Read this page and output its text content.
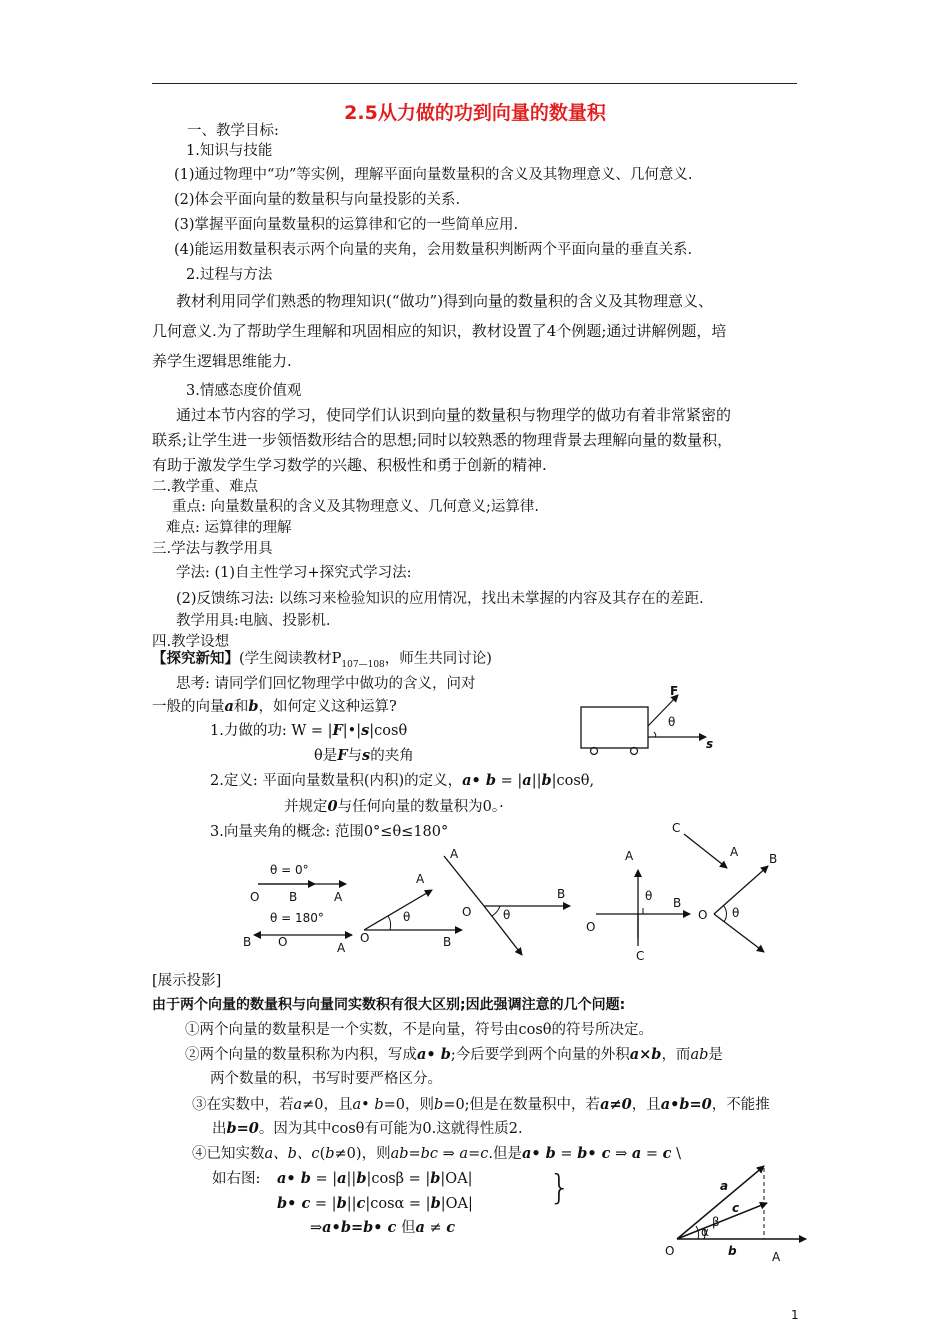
2.5从力做的功到向量的数量积
一、教学目标:
1.知识与技能
(1)通过物理中“功”等实例，理解平面向量数量积的含义及其物理意义、几何意义.
(2)体会平面向量的数量积与向量投影的关系.
(3)掌握平面向量数量积的运算律和它的一些简单应用.
(4)能运用数量积表示两个向量的夹角，会用数量积判断两个平面向量的垂直关系.
2.过程与方法
教材利用同学们熟悉的物理知识(“做功”)得到向量的数量积的含义及其物理意义、
几何意义.为了帮助学生理解和巩固相应的知识，教材设置了4个例题;通过讲解例题，培
养学生逻辑思维能力.
3.情感态度价值观
通过本节内容的学习，使同学们认识到向量的数量积与物理学的做功有着非常紧密的
联系;让学生进一步领悟数形结合的思想;同时以较熟悉的物理背景去理解向量的数量积，
有助于激发学生学习数学的兴趣、积极性和勇于创新的精神.
二.教学重、难点
重点: 向量数量积的含义及其物理意义、几何意义;运算律.
难点: 运算律的理解
三.学法与教学用具
学法: (1)自主性学习+探究式学习法:
(2)反馈练习法: 以练习来检验知识的应用情况，找出未掌握的内容及其存在的差距.
教学用具:电脑、投影机.
四.教学设想
【探究新知】(学生阅读教材$P_{107—108}$，师生共同讨论)
思考: 请同学们回忆物理学中做功的含义，问对
一般的向量a和b，如何定义这种运算?
1.力做的功: W = |F|•|s|cosθ
θ是F与s的夹角
2.定义: 平面向量数量积(内积)的定义，a• b = |a||b|cosθ,
并规定0与任何向量的数量积为0。·
3.向量夹角的概念: 范围0°≤θ≤180°
F
θ
s
θ = 0°
O B	A
θ = 180°
B O	A
A
θ
O	B
A
B
O	θ
A
θ B
O
C
C
A	B
O θ
[展示投影]
由于两个向量的数量积与向量同实数积有很大区别;因此强调注意的几个问题:
①两个向量的数量积是一个实数，不是向量，符号由cosθ的符号所决定。
②两个向量的数量积称为内积，写成a• b;今后要学到两个向量的外积a×b，而ab是
两个数量的积，书写时要严格区分。
③在实数中，若a≠0，且a• b=0，则b=0;但是在数量积中，若a≠0，且a•b=0，不能推
出b=0。因为其中cosθ有可能为0.这就得性质2.
④已知实数a、b、c(b≠0)，则ab=bc ⇒ a=c.但是a• b = b• c ⇒ a = c \
如右图: a• b = |a||b|cosβ = |b|OA|
b• c = |b||c|cosα = |b|OA| }
⇒a•b=b• c 但a ≠ c
a
c
β
α
O	b	A
1
